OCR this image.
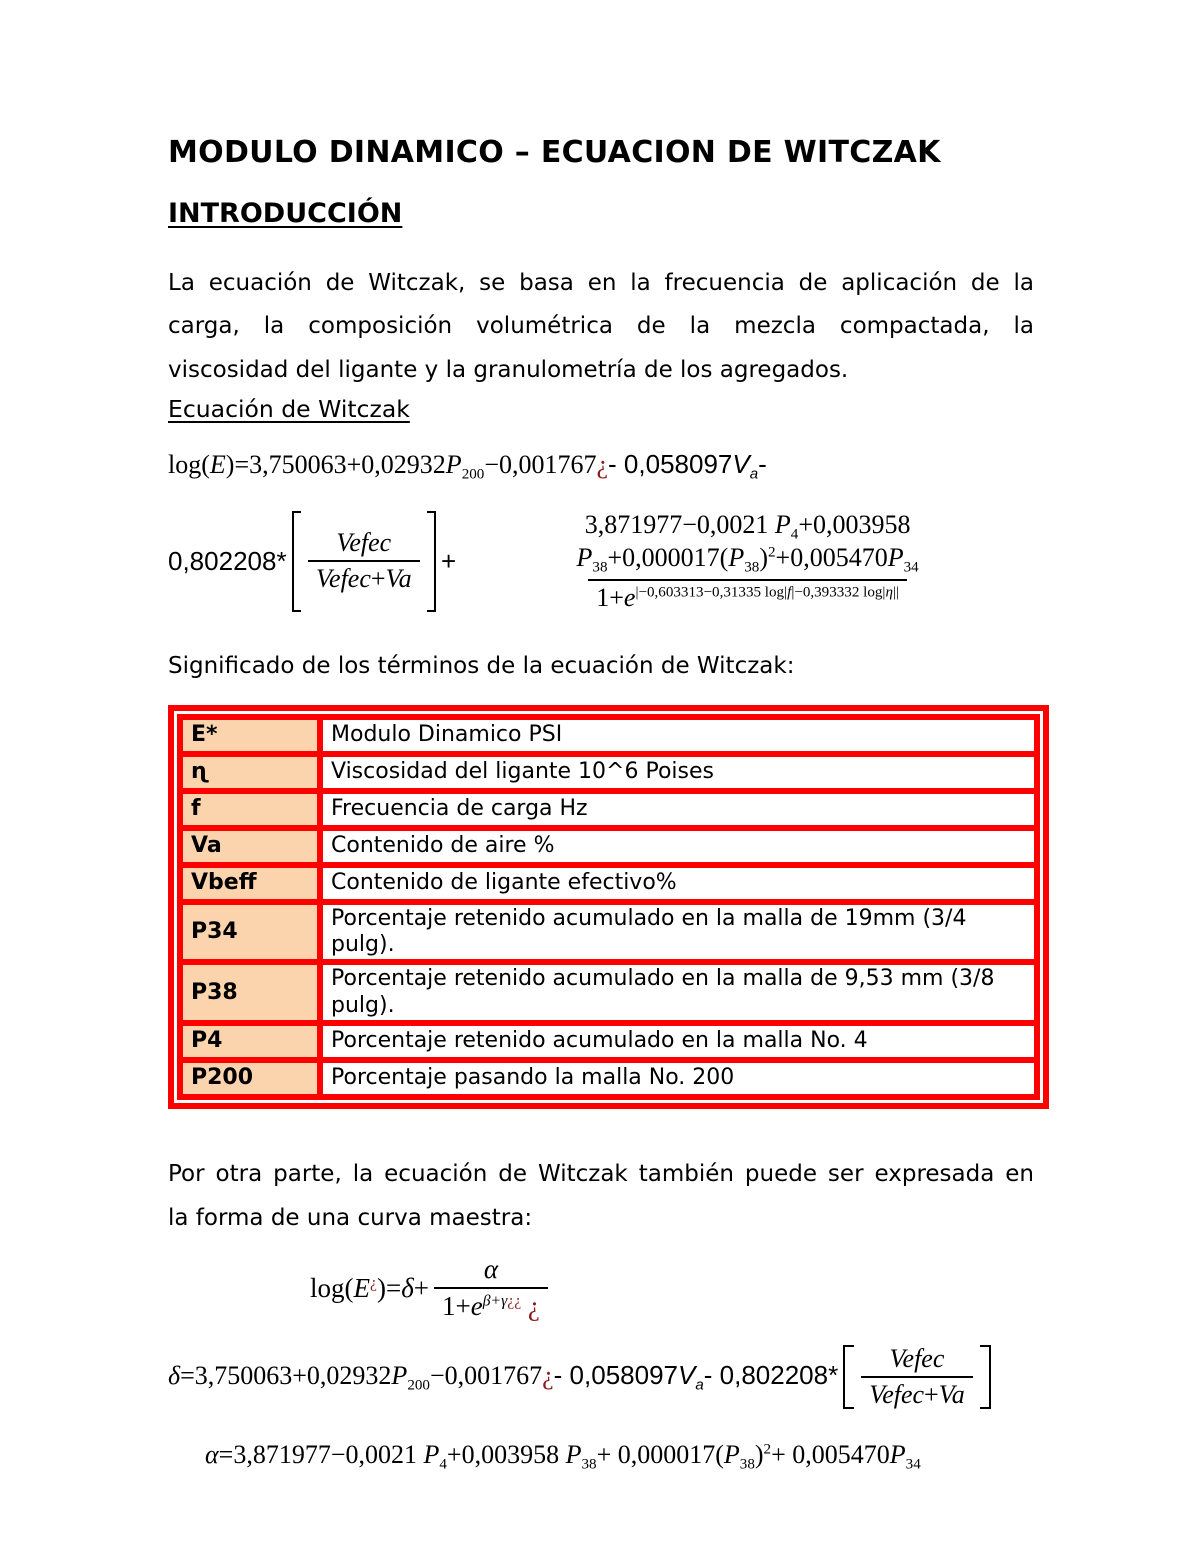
MODULO DINAMICO – ECUACION DE WITCZAK
INTRODUCCIÓN
La ecuación de Witczak, se basa en la frecuencia de aplicación de la
carga, la composición volumétrica de la mezcla compactada, la
viscosidad del ligante y la granulometría de los agregados.
Ecuación de Witczak
$\log(E)=3,750063+0,02932P_{200}-0,001767¿-$ $0,058097V_a-$
$0,802208* \frac{\text{Vefec}}{\text{Vefec+Va}} + \frac{3,871977-0,0021 P_4+0,003958 P_{38}+0,000017(P_{38})^2+0,005470P_{34}}{1+e^{|-0,603313-0,31335 log|f|-0,393332 log|\eta||}}$
Significado de los términos de la ecuación de Witczak:
E*	Modulo Dinamico PSI
ɳ	Viscosidad del ligante 10^6 Poises
f	Frecuencia de carga Hz
Va	Contenido de aire %
Vbeff	Contenido de ligante efectivo%
P34	Porcentaje retenido acumulado en la malla de 19mm (3/4 pulg).
P38	Porcentaje retenido acumulado en la malla de 9,53 mm (3/8 pulg).
P4	Porcentaje retenido acumulado en la malla No. 4
P200	Porcentaje pasando la malla No. 200
Por otra parte, la ecuación de Witczak también puede ser expresada en
la forma de una curva maestra:
$\log(E^¿)=\delta+ \frac{\alpha}{1+e^{\beta+\gamma¿¿} ¿}$
$\delta=3,750063+0,02932P_{200}-0,001767¿-$ $0,058097V_a-$ $0,802208* \frac{\text{Vefec}}{\text{Vefec+Va}}$
α=3,871977−0,0021 $P_4+0,003958$ $P_{38}+ 0,000017(P_{38})^2+ 0,005470P_{34}$
